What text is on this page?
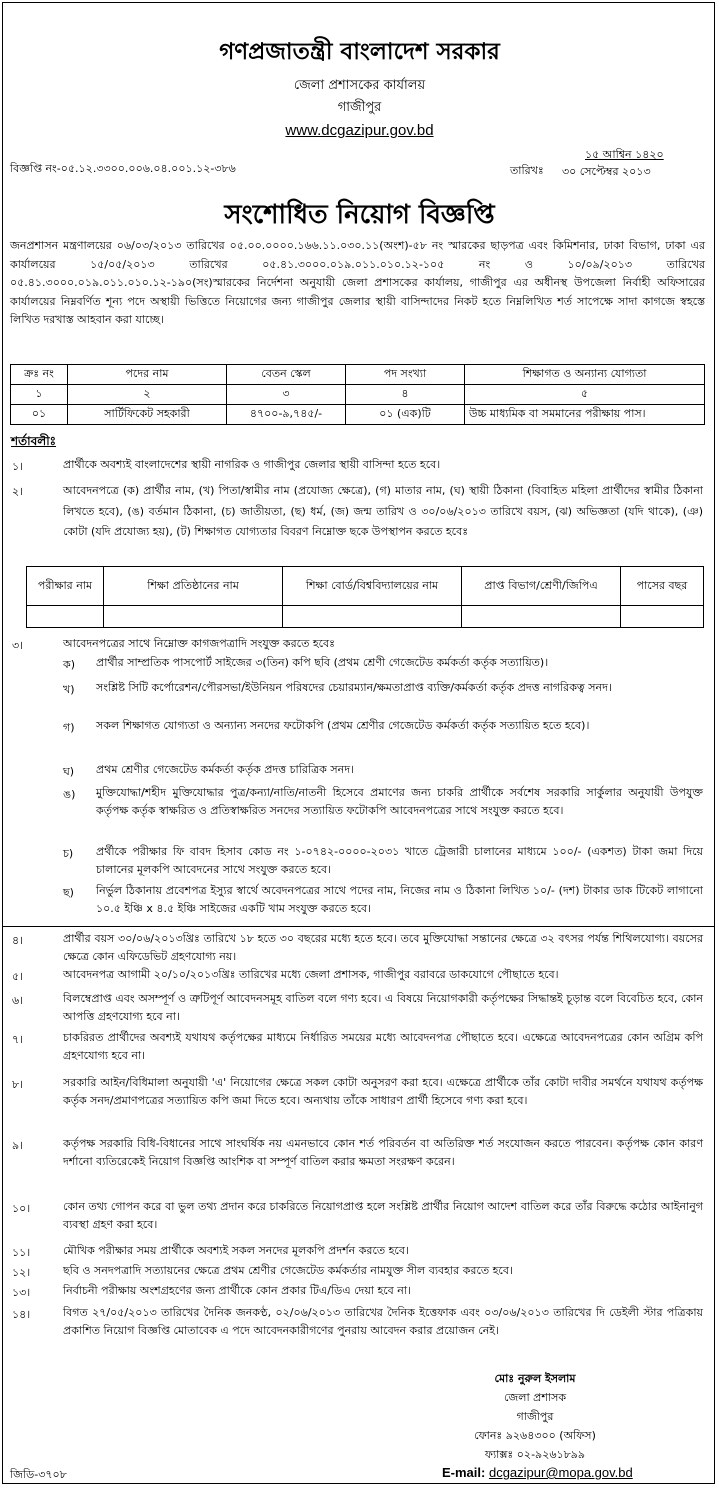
গণপ্রজাতন্ত্রী বাংলাদেশ সরকার
জেলা প্রশাসকের কার্যালয়
গাজীপুর
www.dcgazipur.gov.bd
বিজ্ঞপ্তি নং-০৫.১২.৩৩০০.০০৬.০৪.০০১.১২-৩৮৬	তারিখঃ
১৫ আশ্বিন ১৪২০
৩০ সেপ্টেম্বর ২০১৩
সংশোধিত নিয়োগ বিজ্ঞপ্তি
জনপ্রশাসন মন্ত্রণালয়ের ০৬/০৩/২০১৩ তারিখের ০৫.০০.০০০০.১৬৬.১১.০৩০.১১(অংশ)-৫৮ নং স্মারকের ছাড়পত্র এবং কিমিশনার, ঢাকা বিভাগ, ঢাকা এর কার্যালয়ের ১৫/০৫/২০১৩ তারিখের ০৫.৪১.৩০০০.০১৯.০১১.০১০.১২-১০৫ নং ও ১০/০৯/২০১৩ তারিখের ০৫.৪১.৩০০০.০১৯.০১১.০১০.১২-১৯০(সং)স্মারকের নির্দেশনা অনুযায়ী জেলা প্রশাসকের কার্যালয়, গাজীপুর এর অধীনস্থ উপজেলা নির্বাহী অফিসারের কার্যালয়ের নিম্নবর্ণিত শূন্য পদে অস্থায়ী ভিত্তিতে নিয়োগের জন্য গাজীপুর জেলার স্থায়ী বাসিন্দাদের নিকট হতে নিম্নলিখিত শর্ত সাপেক্ষে সাদা কাগজে স্বহস্তে লিখিত দরখাস্ত আহবান করা যাচ্ছে।
ক্রঃ নং	পদের নাম	বেতন স্কেল	পদ সংখ্যা	শিক্ষাগত ও অন্যান্য যোগ্যতা
১	২	৩	৪	৫
০১	সার্টিফিকেট সহকারী	৪৭০০-৯,৭৪৫/-	০১ (এক)টি	উচ্চ মাধ্যমিক বা সমমানের পরীক্ষায় পাস।
শর্তাবলীঃ
১।	প্রার্থীকে অবশ্যই বাংলাদেশের স্থায়ী নাগরিক ও গাজীপুর জেলার স্থায়ী বাসিন্দা হতে হবে।
২।	আবেদনপত্রে (ক) প্রার্থীর নাম, (খ) পিতা/স্বামীর নাম (প্রযোজ্য ক্ষেত্রে), (গ) মাতার নাম, (ঘ) স্থায়ী ঠিকানা (বিবাহিত মহিলা প্রার্থীদের স্বামীর ঠিকানা লিখতে হবে), (ঙ) বর্তমান ঠিকানা, (চ) জাতীয়তা, (ছ) ধর্ম, (জ) জন্ম তারিখ ও ৩০/০৬/২০১৩ তারিখে বয়স, (ঝ) অভিজ্ঞতা (যদি থাকে), (ঞ) কোটা (যদি প্রযোজ্য হয়), (ট) শিক্ষাগত যোগ্যতার বিবরণ নিম্নোক্ত ছকে উপস্থাপন করতে হবেঃ
পরীক্ষার নাম	শিক্ষা প্রতিষ্ঠানের নাম	শিক্ষা বোর্ড/বিশ্ববিদ্যালয়ের নাম	প্রাপ্ত বিভাগ/শ্রেণী/জিপিএ	পাসের বছর

৩।	আবেদনপত্রের সাথে নিম্নোক্ত কাগজপত্রাদি সংযুক্ত করতে হবেঃ
ক) প্রার্থীর সাম্প্রতিক পাসপোর্ট সাইজের ৩(তিন) কপি ছবি (প্রথম শ্রেণী গেজেটেড কর্মকর্তা কর্তৃক সত্যায়িত)।
খ) সংশ্লিষ্ট সিটি কর্পোরেশন/পৌরসভা/ইউনিয়ন পরিষদের চেয়ারম্যান/ক্ষমতাপ্রাপ্ত ব্যক্তি/কর্মকর্তা কর্তৃক প্রদত্ত নাগরিকত্ব সনদ।
গ) সকল শিক্ষাগত যোগ্যতা ও অন্যান্য সনদের ফটোকপি (প্রথম শ্রেণীর গেজেটেড কর্মকর্তা কর্তৃক সত্যায়িত হতে হবে)।
ঘ) প্রথম শ্রেণীর গেজেটেড কর্মকর্তা কর্তৃক প্রদত্ত চারিত্রিক সনদ।
ঙ) মুক্তিযোদ্ধা/শহীদ মুক্তিযোদ্ধার পুত্র/কন্যা/নাতি/নাতনী হিসেবে প্রমাণের জন্য চাকরি প্রার্থীকে সর্বশেষ সরকারি সার্কুলার অনুযায়ী উপযুক্ত কর্তৃপক্ষ কর্তৃক স্বাক্ষরিত ও প্রতিস্বাক্ষরিত সনদের সত্যায়িত ফটোকপি আবেদনপত্রের সাথে সংযুক্ত করতে হবে।
চ) প্রর্থীকে পরীক্ষার ফি বাবদ হিসাব কোড নং ১-০৭৪২-০০০০-২০৩১ খাতে ট্রেজারী চালানের মাধ্যমে ১০০/- (একশত) টাকা জমা দিয়ে চালানের মূলকপি আবেদনের সাথে সংযুক্ত করতে হবে।
ছ) নির্ভুল ঠিকানায় প্রবেশপত্র ইস্যুর স্বার্থে অবেদনপত্রের সাথে পদের নাম, নিজের নাম ও ঠিকানা লিখিত ১০/- (দশ) টাকার ডাক টিকেট লাগানো ১০.৫ ইঞ্চি x ৪.৫ ইঞ্চি সাইজের একটি খাম সংযুক্ত করতে হবে।
৪।	প্রার্থীর বয়স ৩০/০৬/২০১৩খ্রিঃ তারিখে ১৮ হতে ৩০ বছরের মধ্যে হতে হবে। তবে মুক্তিযোদ্ধা সন্তানের ক্ষেত্রে ৩২ বৎসর পর্যন্ত শিথিলযোগ্য। বয়সের ক্ষেত্রে কোন এফিডেভিট গ্রহণযোগ্য নয়।
৫।	আবেদনপত্র আগামী ২০/১০/২০১৩খ্রিঃ তারিখের মধ্যে জেলা প্রশাসক, গাজীপুর বরাবরে ডাকযোগে পৌছাতে হবে।
৬।	বিলম্বেপ্রাপ্ত এবং অসম্পূর্ণ ও ত্রুটিপূর্ণ আবেদনসমূহ বাতিল বলে গণ্য হবে। এ বিষয়ে নিয়োগকারী কর্তৃপক্ষের সিদ্ধান্তই চূড়ান্ত বলে বিবেচিত হবে, কোন আপত্তি গ্রহণযোগ্য হবে না।
৭।	চাকরিরত প্রার্থীদের অবশ্যই যথাযথ কর্তৃপক্ষের মাধ্যমে নির্ধারিত সময়ের মধ্যে আবেদনপত্র পৌছাতে হবে। এক্ষেত্রে আবেদনপত্রের কোন অগ্রিম কপি গ্রহণযোগ্য হবে না।
৮।	সরকারি আইন/বিধিমালা অনুযায়ী 'এ' নিয়োগের ক্ষেত্রে সকল কোটা অনুসরণ করা হবে। এক্ষেত্রে প্রার্থীকে তাঁর কোটা দাবীর সমর্থনে যথাযথ কর্তৃপক্ষ কর্তৃক সনদ/প্রমাণপত্রের সত্যায়িত কপি জমা দিতে হবে। অন্যথায় তাঁকে সাধারণ প্রার্থী হিসেবে গণ্য করা হবে।
৯।	কর্তৃপক্ষ সরকারি বিধি-বিধানের সাথে সাংঘর্ষিক নয় এমনভাবে কোন শর্ত পরিবর্তন বা অতিরিক্ত শর্ত সংযোজন করতে পারবেন। কর্তৃপক্ষ কোন কারণ দর্শানো ব্যতিরেকেই নিয়োগ বিজ্ঞপ্তি আংশিক বা সম্পূর্ণ বাতিল করার ক্ষমতা সংরক্ষণ করেন।
১০।	কোন তথ্য গোপন করে বা ভুল তথ্য প্রদান করে চাকরিতে নিয়োগপ্রাপ্ত হলে সংশ্লিষ্ট প্রার্থীর নিয়োগ আদেশ বাতিল করে তাঁর বিরুদ্ধে কঠোর আইনানুগ ব্যবস্থা গ্রহণ করা হবে।
১১।	মৌখিক পরীক্ষার সময় প্রার্থীকে অবশ্যই সকল সনদের মূলকপি প্রদর্শন করতে হবে।
১২।	ছবি ও সনদপত্রাদি সত্যায়নের ক্ষেত্রে প্রথম শ্রেণীর গেজেটেড কর্মকর্তার নামযুক্ত সীল ব্যবহার করতে হবে।
১৩।	নির্বাচনী পরীক্ষায় অংশগ্রহণের জন্য প্রার্থীকে কোন প্রকার টিএ/ডিএ দেয়া হবে না।
১৪।	বিগত ২৭/০৫/২০১৩ তারিখের দৈনিক জনকণ্ঠ, ০২/০৬/২০১৩ তারিখের দৈনিক ইত্তেফাক এবং ০৩/০৬/২০১৩ তারিখের দি ডেইলী স্টার পত্রিকায় প্রকাশিত নিয়োগ বিজ্ঞপ্তি মোতাবেক এ পদে আবেদনকারীগণের পুনরায় আবেদন করার প্রয়োজন নেই।
মোঃ নুরুল ইসলাম
জেলা প্রশাসক
গাজীপুর
ফোনঃ ৯২৬৪৩০০ (অফিস)
ফ্যাক্সঃ ০২-৯২৬১৮৯৯
জিডি-৩৭০৮	E-mail: dcgazipur@mopa.gov.bd
